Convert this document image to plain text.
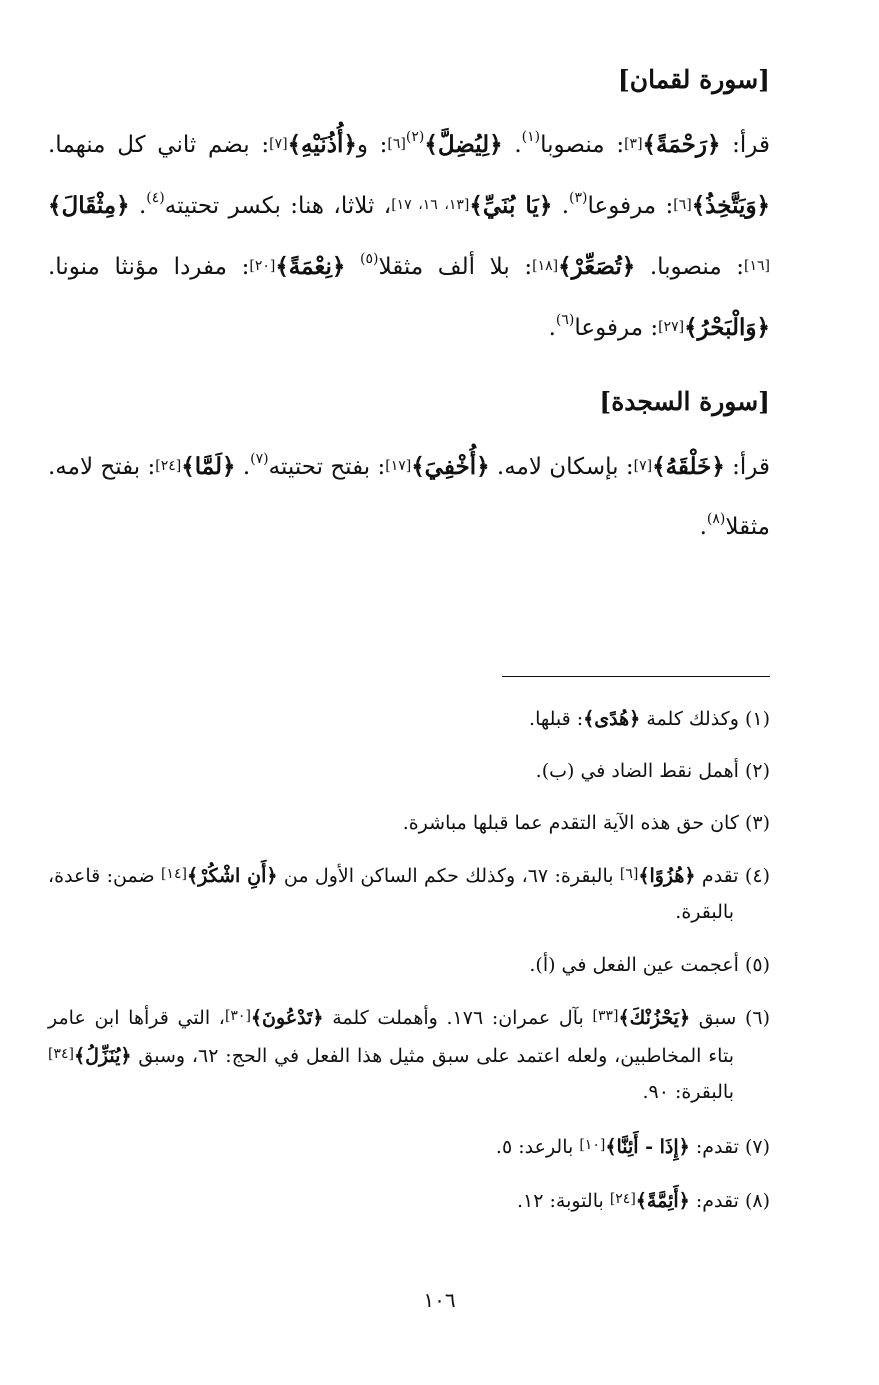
[سورة لقمان]

قرأ: ﴿رَحْمَةً﴾[٣]: منصوبا$^{(١)}$. ﴿لِيُضِلَّ﴾$^{(٢)}$[٦]: و﴿أُذُنَيْهِ﴾[٧]: بضم ثاني كل منهما. ﴿وَيَتَّخِذُ﴾[٦]: مرفوعا$^{(٣)}$. ﴿يَا بُنَيِّ﴾[١٣، ١٦، ١٧]، ثلاثا، هنا: بكسر تحتيته$^{(٤)}$. ﴿مِثْقَالَ﴾[١٦]: منصوبا. ﴿تُصَعِّرْ﴾[١٨]: بلا ألف مثقلا$^{(٥)}$ ﴿نِعْمَةً﴾[٢٠]: مفردا مؤنثا منونا. ﴿وَالْبَحْرُ﴾[٢٧]: مرفوعا$^{(٦)}$.

[سورة السجدة]

قرأ: ﴿خَلْقَهُ﴾[٧]: بإسكان لامه. ﴿أُخْفِيَ﴾[١٧]: بفتح تحتيته$^{(٧)}$. ﴿لَمَّا﴾[٢٤]: بفتح لامه. مثقلا$^{(٨)}$.

(١) وكذلك كلمة ﴿هُدًى﴾: قبلها.

(٢) أهمل نقط الضاد في (ب).

(٣) كان حق هذه الآية التقدم عما قبلها مباشرة.

(٤) تقدم ﴿هُزُوًا﴾[٦] بالبقرة: ٦٧، وكذلك حكم الساكن الأول من ﴿أَنِ اشْكُرْ﴾[١٤] ضمن: قاعدة، بالبقرة.

(٥) أعجمت عين الفعل في (أ).

(٦) سبق ﴿يَحْزُنْكَ﴾[٣٣] بآل عمران: ١٧٦. وأهملت كلمة ﴿تَدْعُونَ﴾[٣٠]، التي قرأها ابن عامر بتاء المخاطبين، ولعله اعتمد على سبق مثيل هذا الفعل في الحج: ٦٢، وسبق ﴿يُنَزِّلُ﴾[٣٤] بالبقرة: ٩٠.

(٧) تقدم: ﴿إِذَا - أَئِنَّا﴾[١٠] بالرعد: ٥.

(٨) تقدم: ﴿أَئِمَّةً﴾[٢٤] بالتوبة: ١٢.

١٠٦
